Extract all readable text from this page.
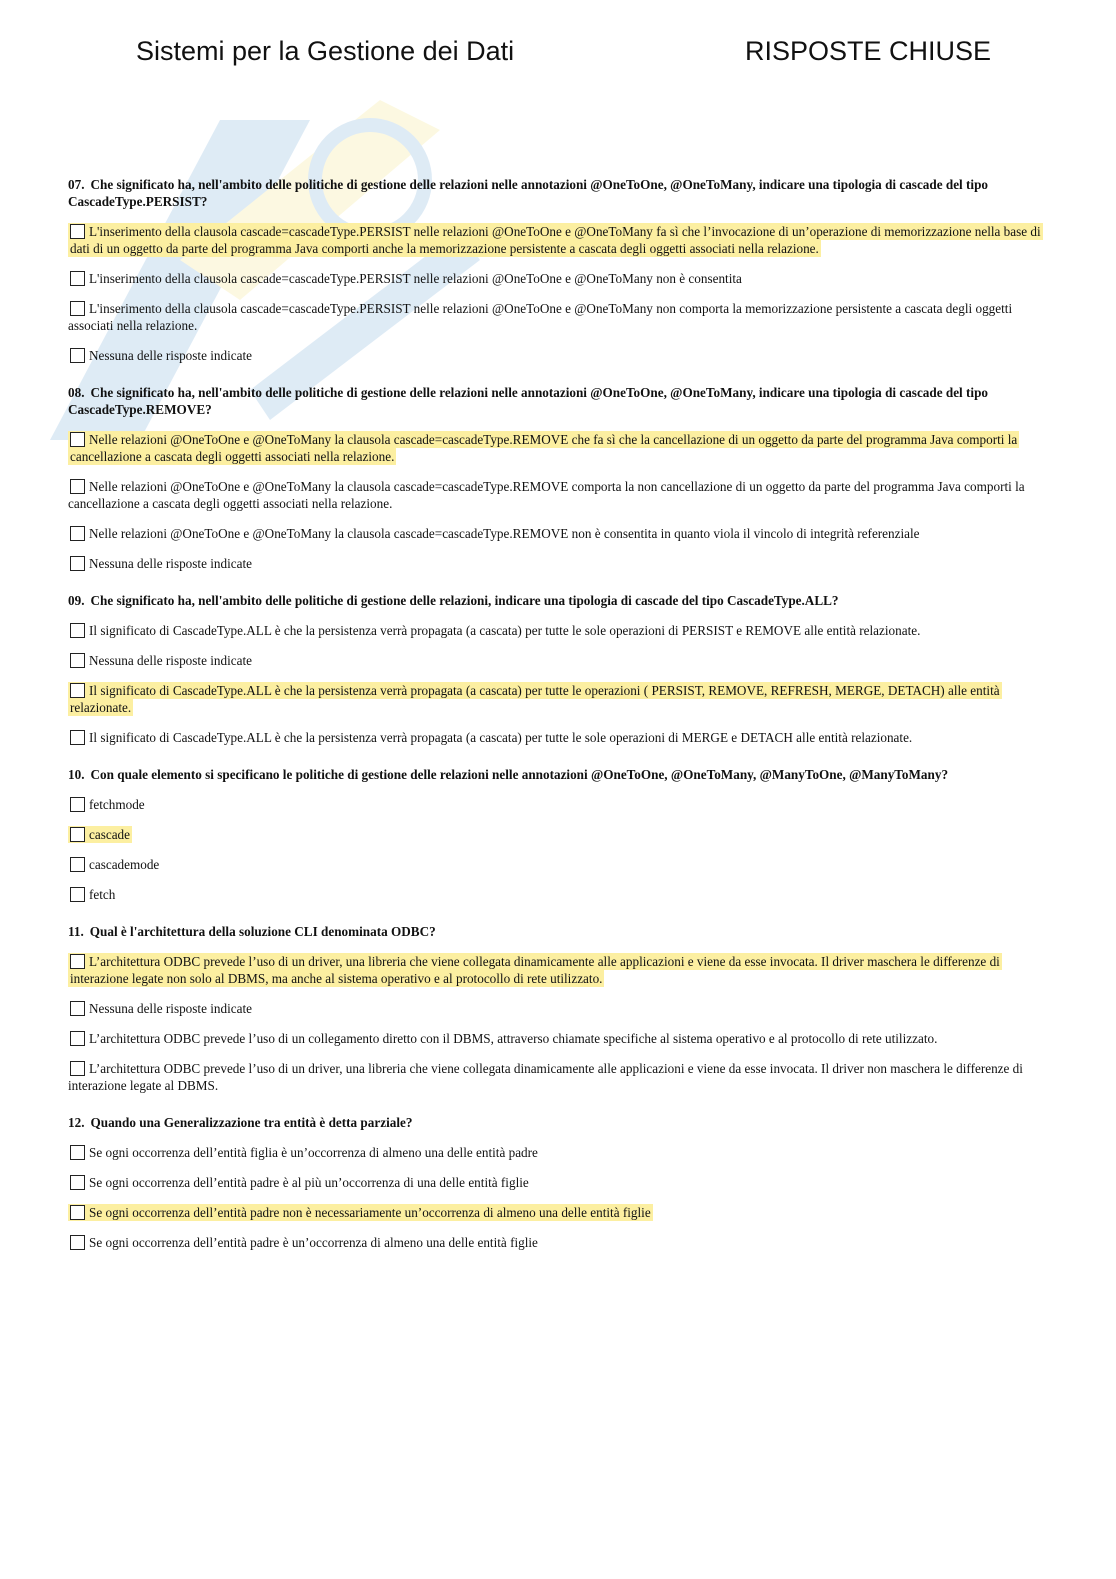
Sistemi per la Gestione dei Dati	RISPOSTE CHIUSE
07. Che significato ha, nell'ambito delle politiche di gestione delle relazioni nelle annotazioni @OneToOne, @OneToMany, indicare una tipologia di cascade del tipo CascadeType.PERSIST?
L'inserimento della clausola cascade=cascadeType.PERSIST nelle relazioni @OneToOne e @OneToMany fa sì che l’invocazione di un’operazione di memorizzazione nella base di dati di un oggetto da parte del programma Java comporti anche la memorizzazione persistente a cascata degli oggetti associati nella relazione.
L'inserimento della clausola cascade=cascadeType.PERSIST nelle relazioni @OneToOne e @OneToMany non è consentita
L'inserimento della clausola cascade=cascadeType.PERSIST nelle relazioni @OneToOne e @OneToMany non comporta la memorizzazione persistente a cascata degli oggetti associati nella relazione.
Nessuna delle risposte indicate
08. Che significato ha, nell'ambito delle politiche di gestione delle relazioni nelle annotazioni @OneToOne, @OneToMany, indicare una tipologia di cascade del tipo CascadeType.REMOVE?
Nelle relazioni @OneToOne e @OneToMany la clausola cascade=cascadeType.REMOVE che fa sì che la cancellazione di un oggetto da parte del programma Java comporti la cancellazione a cascata degli oggetti associati nella relazione.
Nelle relazioni @OneToOne e @OneToMany la clausola cascade=cascadeType.REMOVE comporta la non cancellazione di un oggetto da parte del programma Java comporti la cancellazione a cascata degli oggetti associati nella relazione.
Nelle relazioni @OneToOne e @OneToMany la clausola cascade=cascadeType.REMOVE non è consentita in quanto viola il vincolo di integrità referenziale
Nessuna delle risposte indicate
09. Che significato ha, nell'ambito delle politiche di gestione delle relazioni, indicare una tipologia di cascade del tipo CascadeType.ALL?
Il significato di CascadeType.ALL è che la persistenza verrà propagata (a cascata) per tutte le sole operazioni di PERSIST e REMOVE alle entità relazionate.
Nessuna delle risposte indicate
Il significato di CascadeType.ALL è che la persistenza verrà propagata (a cascata) per tutte le operazioni ( PERSIST, REMOVE, REFRESH, MERGE, DETACH) alle entità relazionate.
Il significato di CascadeType.ALL è che la persistenza verrà propagata (a cascata) per tutte le sole operazioni di MERGE e DETACH alle entità relazionate.
10. Con quale elemento si specificano le politiche di gestione delle relazioni nelle annotazioni @OneToOne, @OneToMany, @ManyToOne, @ManyToMany?
fetchmode
cascade
cascademode
fetch
11. Qual è l'architettura della soluzione CLI denominata ODBC?
L’architettura ODBC prevede l’uso di un driver, una libreria che viene collegata dinamicamente alle applicazioni e viene da esse invocata. Il driver maschera le differenze di interazione legate non solo al DBMS, ma anche al sistema operativo e al protocollo di rete utilizzato.
Nessuna delle risposte indicate
L’architettura ODBC prevede l’uso di un collegamento diretto con il DBMS, attraverso chiamate specifiche al sistema operativo e al protocollo di rete utilizzato.
L’architettura ODBC prevede l’uso di un driver, una libreria che viene collegata dinamicamente alle applicazioni e viene da esse invocata. Il driver non maschera le differenze di interazione legate al DBMS.
12. Quando una Generalizzazione tra entità è detta parziale?
Se ogni occorrenza dell’entità figlia è un’occorrenza di almeno una delle entità padre
Se ogni occorrenza dell’entità padre è al più un’occorrenza di una delle entità figlie
Se ogni occorrenza dell’entità padre non è necessariamente un’occorrenza di almeno una delle entità figlie
Se ogni occorrenza dell’entità padre è un’occorrenza di almeno una delle entità figlie
